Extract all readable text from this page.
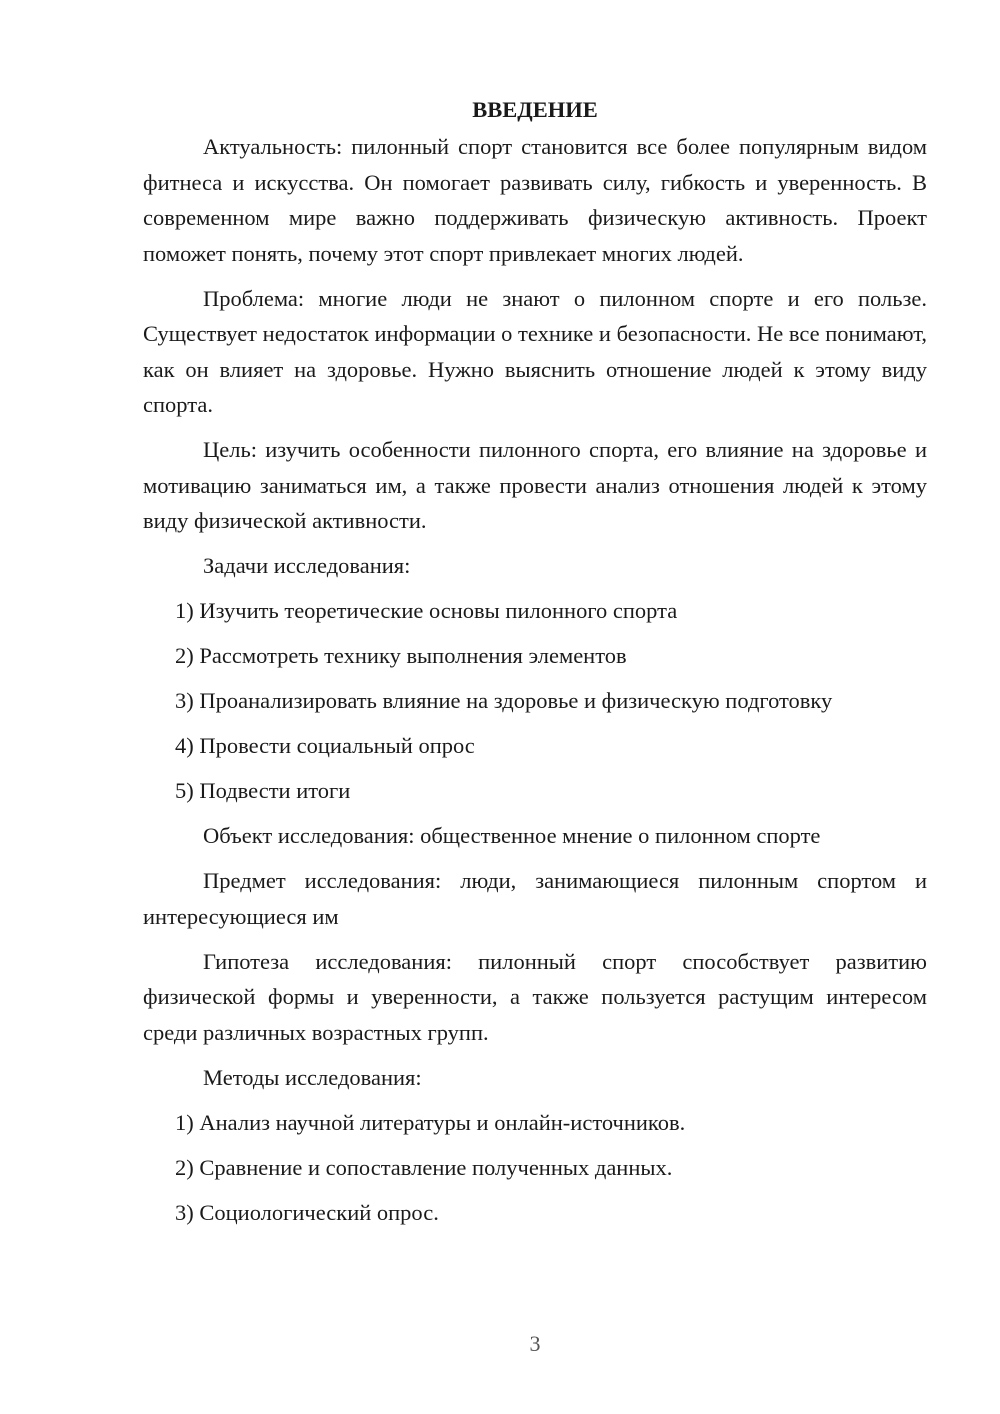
ВВЕДЕНИЕ

Актуальность: пилонный спорт становится все более популярным видом фитнеса и искусства. Он помогает развивать силу, гибкость и уверенность. В современном мире важно поддерживать физическую активность. Проект поможет понять, почему этот спорт привлекает многих людей.

Проблема: многие люди не знают о пилонном спорте и его пользе. Существует недостаток информации о технике и безопасности. Не все понимают, как он влияет на здоровье. Нужно выяснить отношение людей к этому виду спорта.

Цель: изучить особенности пилонного спорта, его влияние на здоровье и мотивацию заниматься им, а также провести анализ отношения людей к этому виду физической активности.

Задачи исследования:

1) Изучить теоретические основы пилонного спорта
2) Рассмотреть технику выполнения элементов
3) Проанализировать влияние на здоровье и физическую подготовку
4) Провести социальный опрос
5) Подвести итоги

Объект исследования: общественное мнение о пилонном спорте

Предмет исследования: люди, занимающиеся пилонным спортом и интересующиеся им

Гипотеза исследования: пилонный спорт способствует развитию физической формы и уверенности, а также пользуется растущим интересом среди различных возрастных групп.

Методы исследования:

1) Анализ научной литературы и онлайн-источников.
2) Сравнение и сопоставление полученных данных.
3) Социологический опрос.
3
